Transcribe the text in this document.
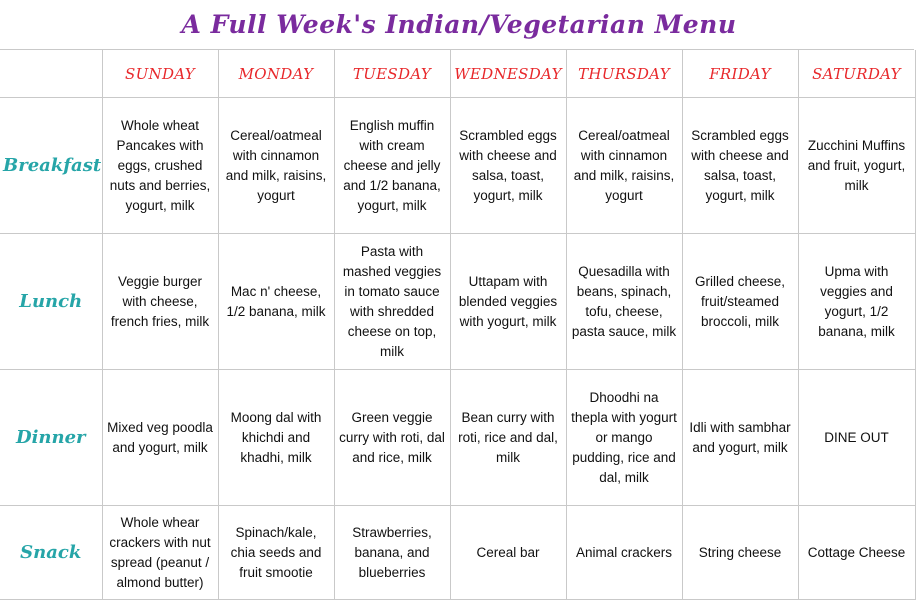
A Full Week's Indian/Vegetarian Menu
	SUNDAY	MONDAY	TUESDAY	WEDNESDAY	THURSDAY	FRIDAY	SATURDAY
Breakfast	Whole wheat Pancakes with eggs, crushed nuts and berries, yogurt, milk	Cereal/oatmeal with cinnamon and milk, raisins, yogurt	English muffin with cream cheese and jelly and 1/2 banana, yogurt, milk	Scrambled eggs with cheese and salsa, toast, yogurt, milk	Cereal/oatmeal with cinnamon and milk, raisins, yogurt	Scrambled eggs with cheese and salsa, toast, yogurt, milk	Zucchini Muffins and fruit, yogurt, milk
Lunch	Veggie burger with cheese, french fries, milk	Mac n' cheese, 1/2 banana, milk	Pasta with mashed veggies in tomato sauce with shredded cheese on top, milk	Uttapam with blended veggies with yogurt, milk	Quesadilla with beans, spinach, tofu, cheese, pasta sauce, milk	Grilled cheese, fruit/steamed broccoli, milk	Upma with veggies and yogurt, 1/2 banana, milk
Dinner	Mixed veg poodla and yogurt, milk	Moong dal with khichdi and khadhi, milk	Green veggie curry with roti, dal and rice, milk	Bean curry with roti, rice and dal, milk	Dhoodhi na thepla with yogurt or mango pudding, rice and dal, milk	Idli with sambhar and yogurt, milk	DINE OUT
Snack	Whole whear crackers with nut spread (peanut / almond butter)	Spinach/kale, chia seeds and fruit smootie	Strawberries, banana, and blueberries	Cereal bar	Animal crackers	String cheese	Cottage Cheese
